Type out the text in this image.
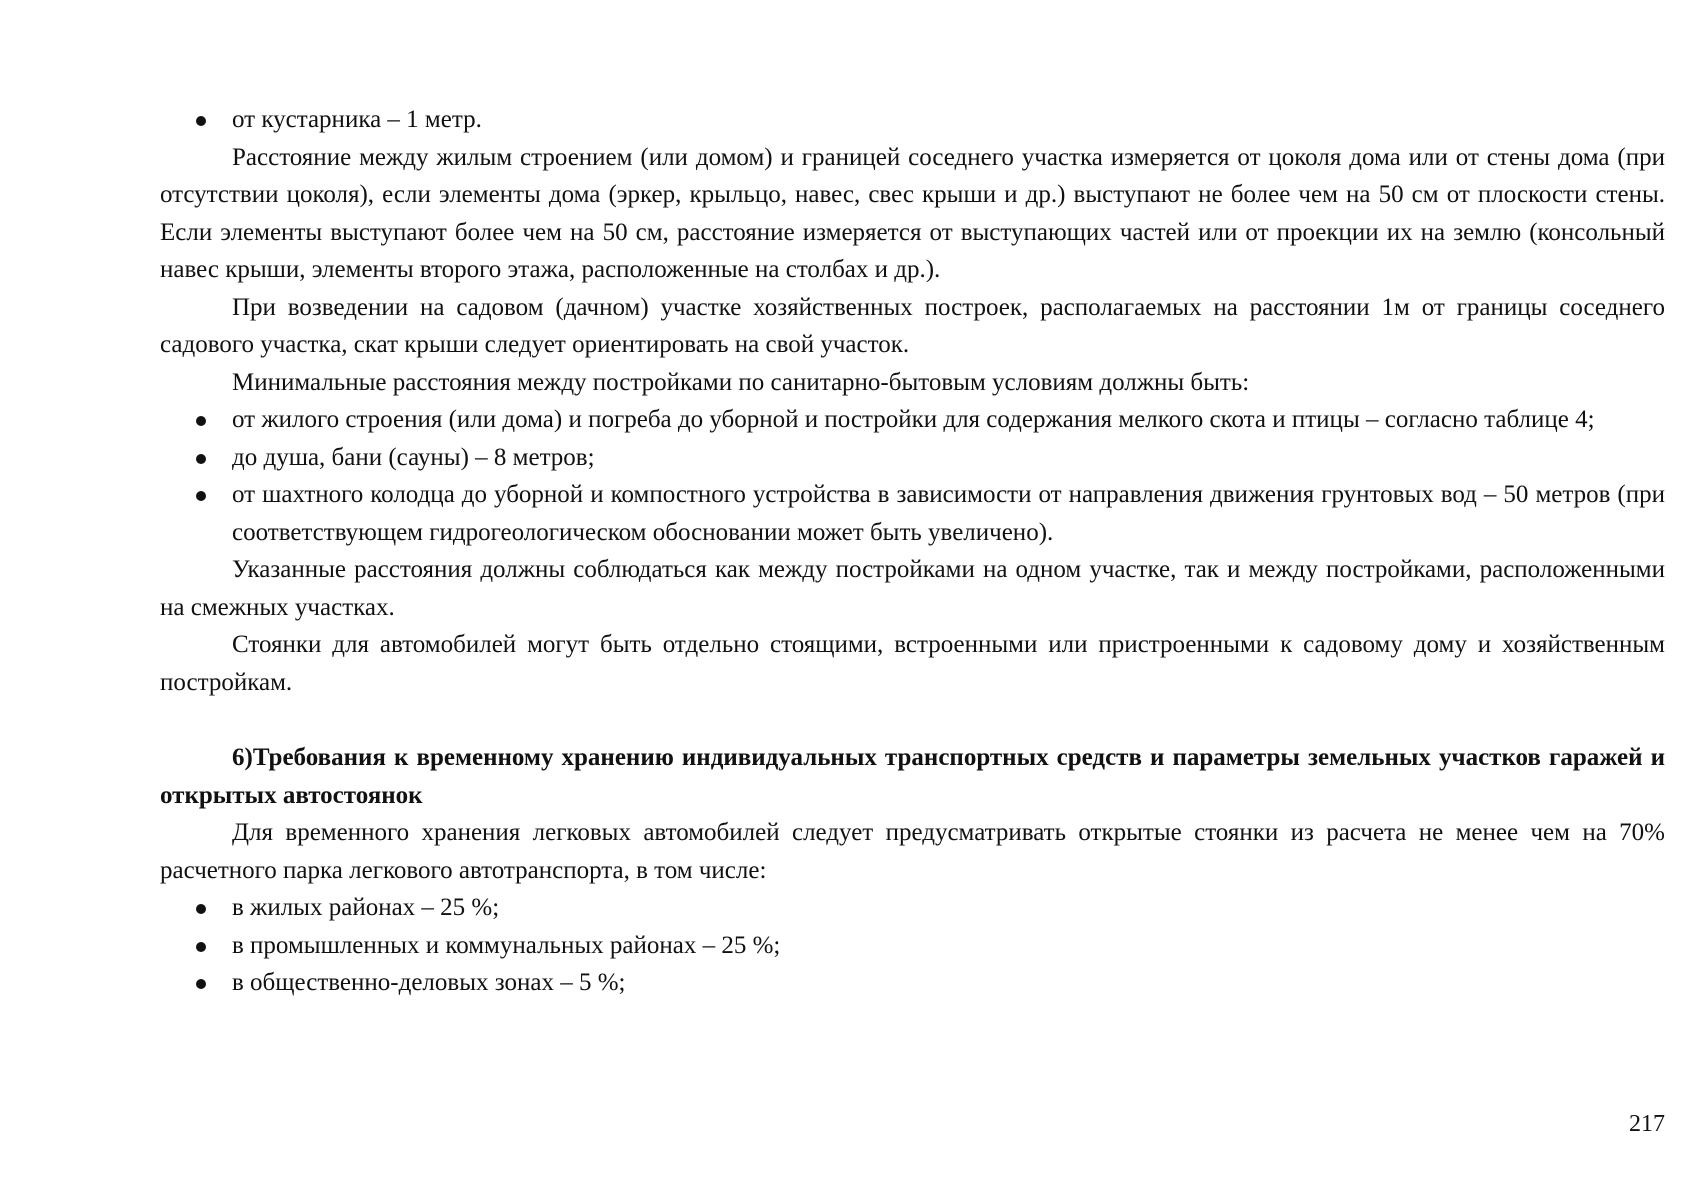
от кустарника – 1 метр.

Расстояние между жилым строением (или домом) и границей соседнего участка измеряется от цоколя дома или от стены дома (при отсутствии цоколя), если элементы дома (эркер, крыльцо, навес, свес крыши и др.) выступают не более чем на 50 см от плоскости стены. Если элементы выступают более чем на 50 см, расстояние измеряется от выступающих частей или от проекции их на землю (консольный навес крыши, элементы второго этажа, расположенные на столбах и др.).

При возведении на садовом (дачном) участке хозяйственных построек, располагаемых на расстоянии 1м от границы соседнего садового участка, скат крыши следует ориентировать на свой участок.

Минимальные расстояния между постройками по санитарно-бытовым условиям должны быть:

от жилого строения (или дома) и погреба до уборной и постройки для содержания мелкого скота и птицы – согласно таблице 4;
до душа, бани (сауны) – 8 метров;
от шахтного колодца до уборной и компостного устройства в зависимости от направления движения грунтовых вод – 50 метров (при соответствующем гидрогеологическом обосновании может быть увеличено).

Указанные расстояния должны соблюдаться как между постройками на одном участке, так и между постройками, расположенными на смежных участках.

Стоянки для автомобилей могут быть отдельно стоящими, встроенными или пристроенными к садовому дому и хозяйственным постройкам.

6)Требования к временному хранению индивидуальных транспортных средств и параметры земельных участков гаражей и открытых автостоянок

Для временного хранения легковых автомобилей следует предусматривать открытые стоянки из расчета не менее чем на 70% расчетного парка легкового автотранспорта, в том числе:

в жилых районах – 25 %;
в промышленных и коммунальных районах – 25 %;
в общественно-деловых зонах – 5 %;
217
